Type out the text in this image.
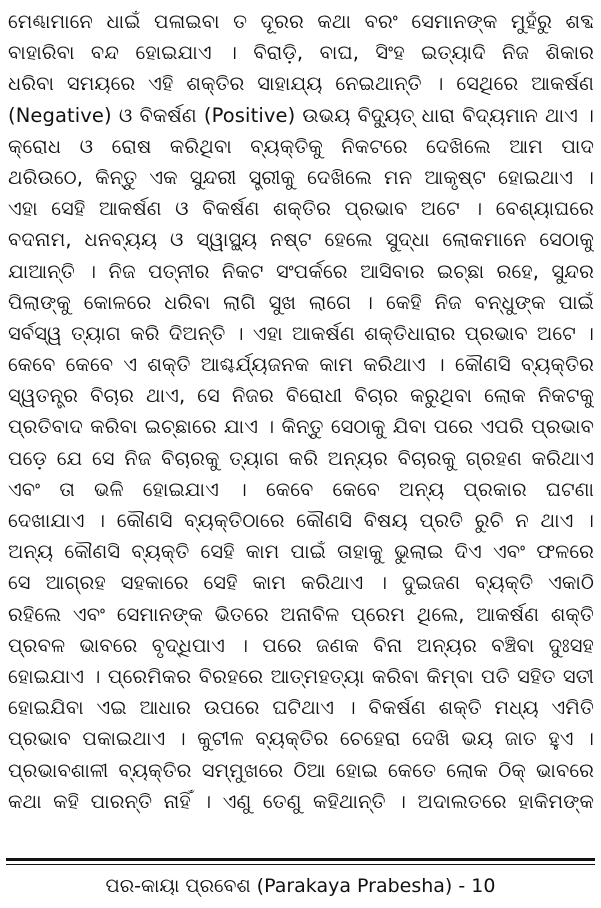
ମେଣ୍ଢାମାନେ ଧାଇଁ ପଳାଇବା ତ ଦୂରର କଥା ବରଂ ସେମାନଙ୍କ ମୁହଁରୁ ଶବ୍ଦ
ବାହାରିବା ବନ୍ଦ ହୋଇଯାଏ । ବିରାଡ଼ି, ବାଘ, ସିଂହ ଇତ୍ୟାଦି ନିଜ ଶିକାର
ଧରିବା ସମୟରେ ଏହି ଶକ୍ତିର ସାହାଯ୍ୟ ନେଇଥାନ୍ତି । ସେଥିରେ ଆକର୍ଷଣ
(Negative) ଓ ବିକର୍ଷଣ (Positive) ଉଭୟ ବିଦ୍ୟୁତ୍ ଧାରା ବିଦ୍ୟମାନ ଥାଏ ।
କ୍ରୋଧ ଓ ରୋଷ କରିଥିବା ବ୍ୟକ୍ତିକୁ ନିକଟରେ ଦେଖିଲେ ଆମ ପାଦ
ଥରିଉଠେ, କିନ୍ତୁ ଏକ ସୁନ୍ଦରୀ ସ୍ତ୍ରୀକୁ ଦେଖିଲେ ମନ ଆକୃଷ୍ଟ ହୋଇଥାଏ ।
ଏହା ସେହି ଆକର୍ଷଣ ଓ ବିକର୍ଷଣ ଶକ୍ତିର ପ୍ରଭାବ ଅଟେ । ବେଶ୍ୟାଘରେ
ବଦନାମ, ଧନବ୍ୟୟ ଓ ସ୍ୱାସ୍ଥ୍ୟ ନଷ୍ଟ ହେଲେ ସୁଦ୍ଧା ଲୋକମାନେ ସେଠାକୁ
ଯାଆନ୍ତି । ନିଜ ପତ୍ନୀର ନିକଟ ସଂପର୍କରେ ଆସିବାର ଇଚ୍ଛା ରହେ, ସୁନ୍ଦର
ପିଲାଙ୍କୁ କୋଳରେ ଧରିବା ଲାଗି ସୁଖ ଲାଗେ । କେହି ନିଜ ବନ୍ଧୁଙ୍କ ପାଇଁ
ସର୍ବସ୍ୱ ତ୍ୟାଗ କରି ଦିଅନ୍ତି । ଏହା ଆକର୍ଷଣ ଶକ୍ତିଧାରାର ପ୍ରଭାବ ଅଟେ ।
କେବେ କେବେ ଏ ଶକ୍ତି ଆଶ୍ଚର୍ଯ୍ୟଜନକ କାମ କରିଥାଏ । କୌଣସି ବ୍ୟକ୍ତିର
ସ୍ୱତନ୍ତ୍ର ବିଚାର ଥାଏ, ସେ ନିଜର ବିରୋଧୀ ବିଚାର କରୁଥିବା ଲୋକ ନିକଟକୁ
ପ୍ରତିବାଦ କରିବା ଇଚ୍ଛାରେ ଯାଏ । କିନ୍ତୁ ସେଠାକୁ ଯିବା ପରେ ଏପରି ପ୍ରଭାବ
ପଡ଼େ ଯେ ସେ ନିଜ ବିଚାରକୁ ତ୍ୟାଗ କରି ଅନ୍ୟର ବିଚାରକୁ ଗ୍ରହଣ କରିଥାଏ
ଏବଂ ତା ଭଳି ହୋଇଯାଏ । କେବେ କେବେ ଅନ୍ୟ ପ୍ରକାର ଘଟଣା
ଦେଖାଯାଏ । କୌଣସି ବ୍ୟକ୍ତିଠାରେ କୌଣସି ବିଷୟ ପ୍ରତି ରୁଚି ନ ଥାଏ ।
ଅନ୍ୟ କୌଣସି ବ୍ୟକ୍ତି ସେହି କାମ ପାଇଁ ତାହାକୁ ଭୁଲାଇ ଦିଏ ଏବଂ ଫଳରେ
ସେ ଆଗ୍ରହ ସହକାରେ ସେହି କାମ କରିଥାଏ । ଦୁଇଜଣ ବ୍ୟକ୍ତି ଏକାଠି
ରହିଲେ ଏବଂ ସେମାନଙ୍କ ଭିତରେ ଅନାବିଳ ପ୍ରେମ ଥିଲେ, ଆକର୍ଷଣ ଶକ୍ତି
ପ୍ରବଳ ଭାବରେ ବୃଦ୍ଧିପାଏ । ପରେ ଜଣକ ବିନା ଅନ୍ୟର ବଞ୍ଚିବା ଦୁଃସହ
ହୋଇଯାଏ । ପ୍ରେମିକର ବିରହରେ ଆତ୍ମହତ୍ୟା କରିବା କିମ୍ବା ପତି ସହିତ ସତୀ
ହୋଇଯିବା ଏଇ ଆଧାର ଉପରେ ଘଟିଥାଏ । ବିକର୍ଷଣ ଶକ୍ତି ମଧ୍ୟ ଏମିତି
ପ୍ରଭାବ ପକାଇଥାଏ । କୁଟୀଳ ବ୍ୟକ୍ତିର ଚେହେରା ଦେଖି ଭୟ ଜାତ ହୁଏ ।
ପ୍ରଭାବଶାଳୀ ବ୍ୟକ୍ତିର ସମ୍ମୁଖରେ ଠିଆ ହୋଇ କେତେ ଲୋକ ଠିକ୍ ଭାବରେ
କଥା କହି ପାରନ୍ତି ନାହିଁ । ଏଣୁ ତେଣୁ କହିଥାନ୍ତି । ଅଦାଲତରେ ହାକିମଙ୍କ
ପର-କାୟା ପ୍ରବେଶ (Parakaya Prabesha) - 10
